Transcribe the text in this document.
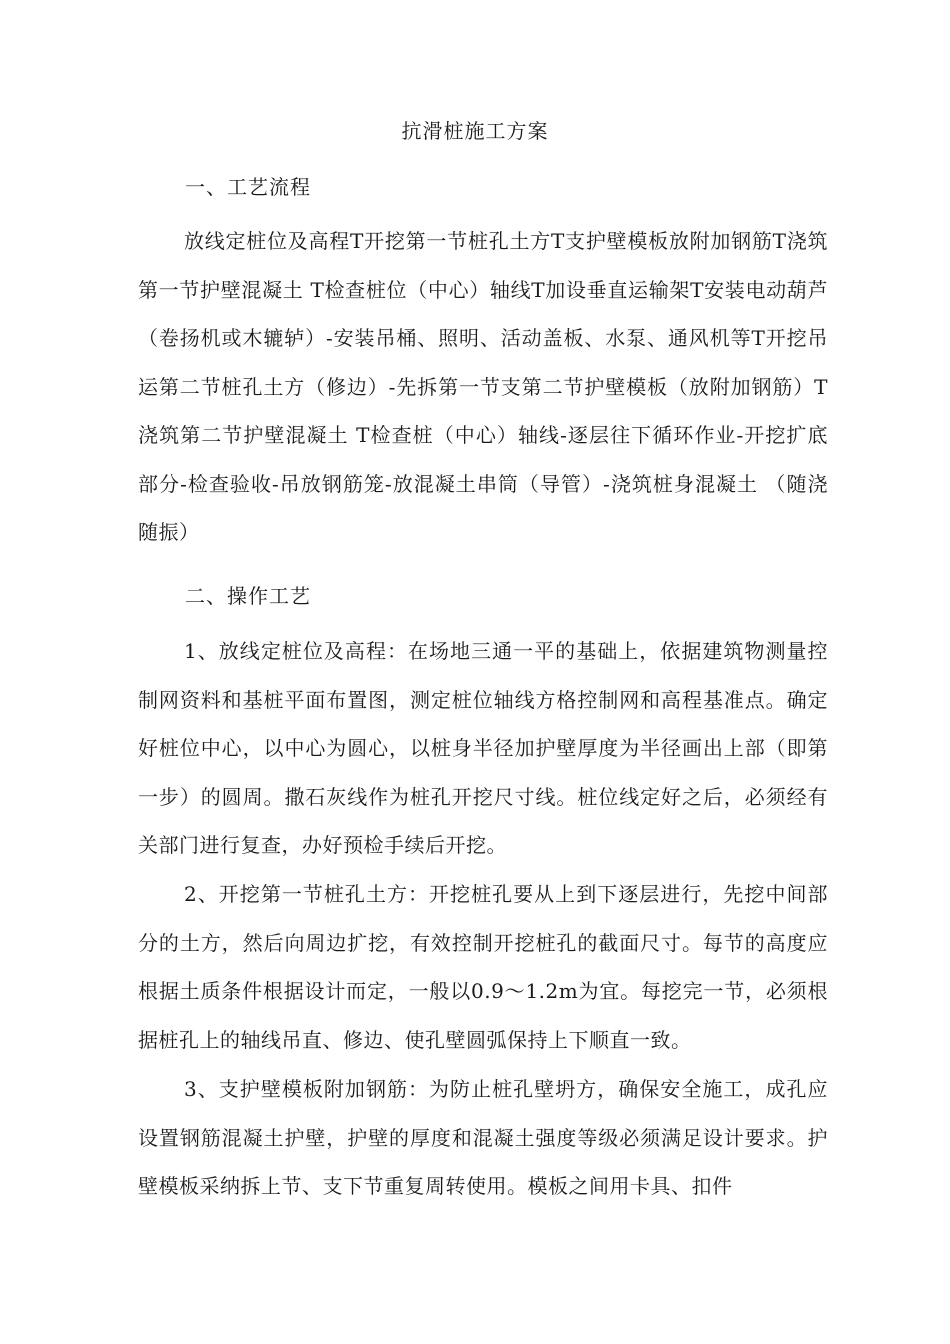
抗滑桩施工方案
一、工艺流程

放线定桩位及高程T开挖第一节桩孔土方T支护壁模板放附加钢筋T浇筑第一节护壁混凝土 T检查桩位（中心）轴线T加设垂直运输架T安装电动葫芦（卷扬机或木辘轳）-安装吊桶、照明、活动盖板、水泵、通风机等T开挖吊运第二节桩孔土方（修边）-先拆第一节支第二节护壁模板（放附加钢筋）T浇筑第二节护壁混凝土 T检查桩（中心）轴线-逐层往下循环作业-开挖扩底部分-检查验收-吊放钢筋笼-放混凝土串筒（导管）-浇筑桩身混凝土 （随浇随振）

二、操作工艺

1、放线定桩位及高程：在场地三通一平的基础上，依据建筑物测量控制网资料和基桩平面布置图，测定桩位轴线方格控制网和高程基准点。确定好桩位中心，以中心为圆心，以桩身半径加护壁厚度为半径画出上部（即第一步）的圆周。撒石灰线作为桩孔开挖尺寸线。桩位线定好之后，必须经有关部门进行复查，办好预检手续后开挖。

2、开挖第一节桩孔土方：开挖桩孔要从上到下逐层进行，先挖中间部分的土方，然后向周边扩挖，有效控制开挖桩孔的截面尺寸。每节的高度应根据土质条件根据设计而定，一般以0.9〜1.2m为宜。每挖完一节，必须根据桩孔上的轴线吊直、修边、使孔壁圆弧保持上下顺直一致。

3、支护壁模板附加钢筋：为防止桩孔壁坍方，确保安全施工，成孔应设置钢筋混凝土护壁，护壁的厚度和混凝土强度等级必须满足设计要求。护壁模板采纳拆上节、支下节重复周转使用。模板之间用卡具、扣件
